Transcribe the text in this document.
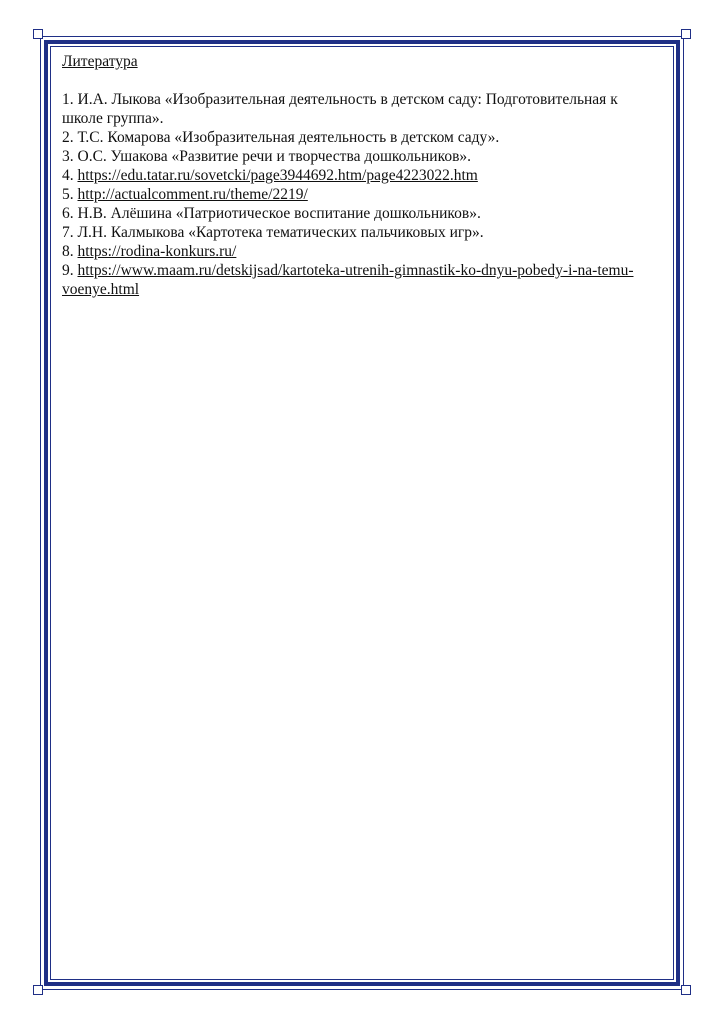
Литература
1. И.А. Лыкова «Изобразительная деятельность в детском саду: Подготовительная к школе группа».
2. Т.С. Комарова «Изобразительная деятельность в детском саду».
3. О.С. Ушакова «Развитие речи и творчества дошкольников».
4. https://edu.tatar.ru/sovetcki/page3944692.htm/page4223022.htm
5. http://actualcomment.ru/theme/2219/
6. Н.В. Алёшина «Патриотическое воспитание дошкольников».
7. Л.Н. Калмыкова «Картотека тематических пальчиковых игр».
8. https://rodina-konkurs.ru/
9. https://www.maam.ru/detskijsad/kartoteka-utrenih-gimnastik-ko-dnyu-pobedy-i-na-temu-voenye.html
